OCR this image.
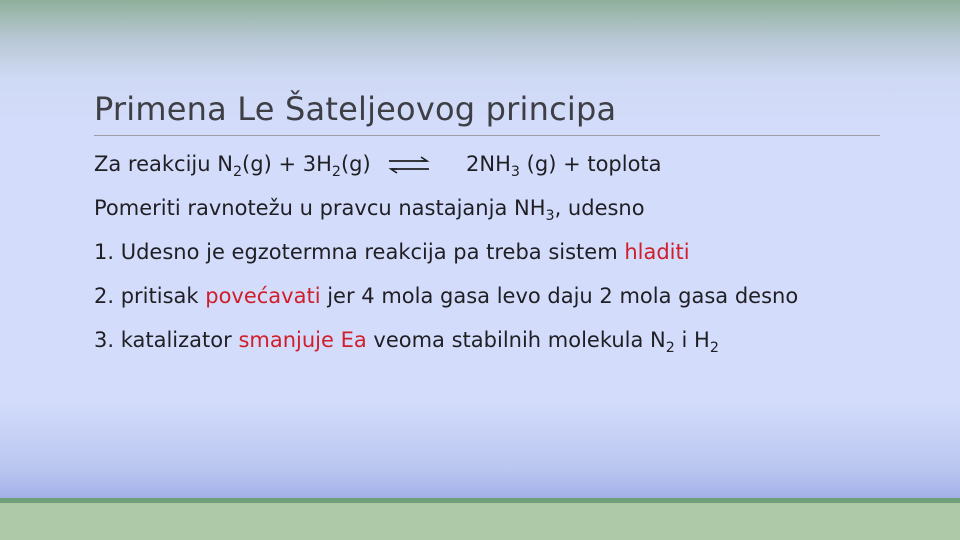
Primena Le Šateljeovog principa
Za reakciju $N_2(g) + 3H_2(g)$ ⇌ $2NH_3$ (g) + toplota
Pomeriti ravnotežu u pravcu nastajanja $NH_3$, udesno
1. Udesno je egzotermna reakcija pa treba sistem hladiti
2. pritisak povećavati jer 4 mola gasa levo daju 2 mola gasa desno
3. katalizator smanjuje Ea veoma stabilnih molekula $N_2$ i $H_2$
